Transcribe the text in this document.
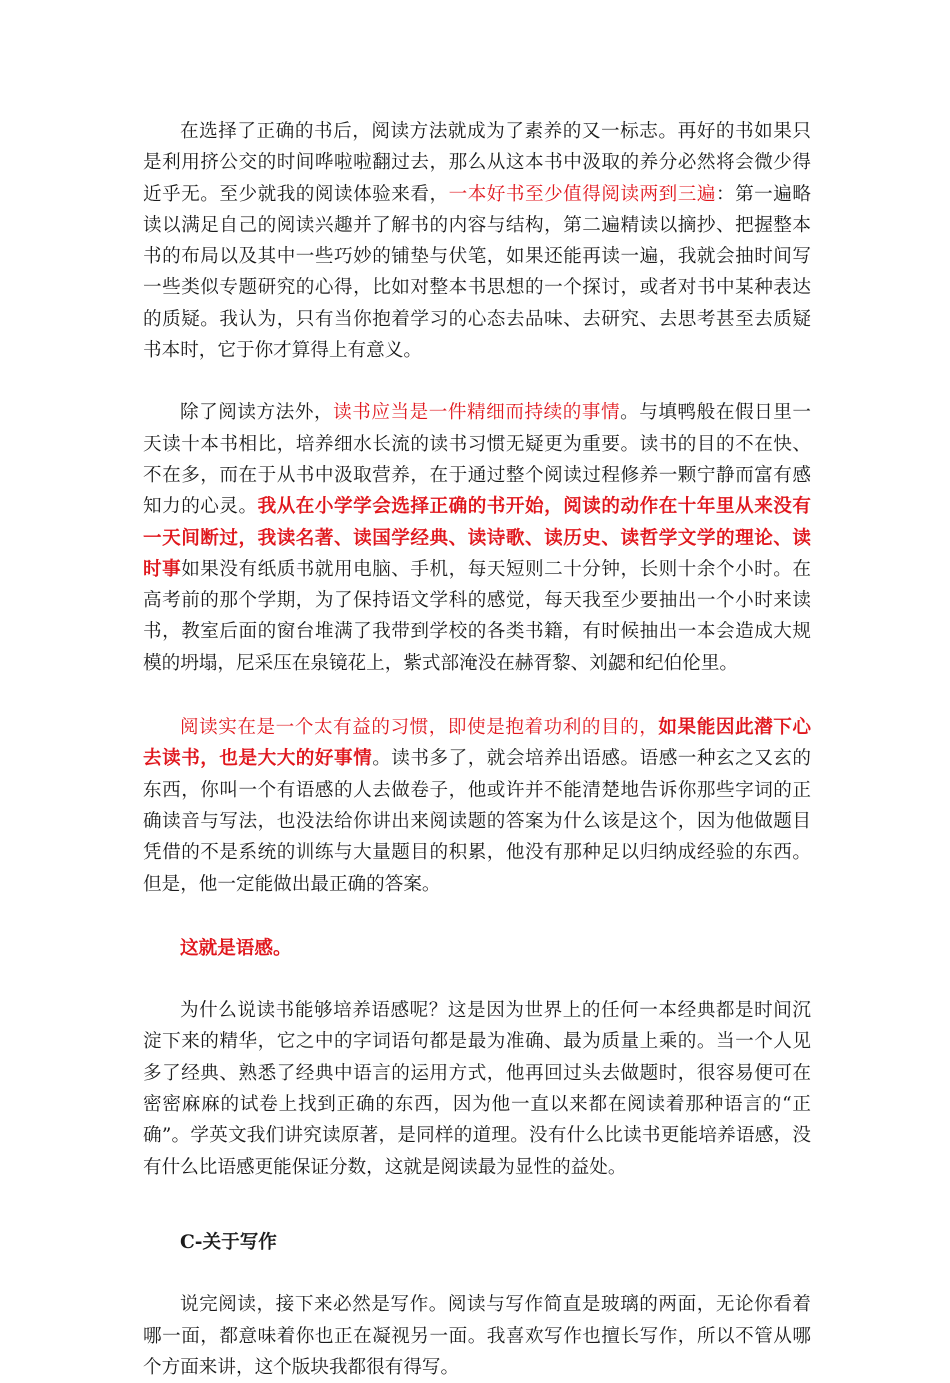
在选择了正确的书后，阅读方法就成为了素养的又一标志。再好的书如果只是利用挤公交的时间哗啦啦翻过去，那么从这本书中汲取的养分必然将会微少得近乎无。至少就我的阅读体验来看，一本好书至少值得阅读两到三遍：第一遍略读以满足自己的阅读兴趣并了解书的内容与结构，第二遍精读以摘抄、把握整本书的布局以及其中一些巧妙的铺垫与伏笔，如果还能再读一遍，我就会抽时间写一些类似专题研究的心得，比如对整本书思想的一个探讨，或者对书中某种表达的质疑。我认为，只有当你抱着学习的心态去品味、去研究、去思考甚至去质疑书本时，它于你才算得上有意义。

除了阅读方法外，读书应当是一件精细而持续的事情。与填鸭般在假日里一天读十本书相比，培养细水长流的读书习惯无疑更为重要。读书的目的不在快、不在多，而在于从书中汲取营养，在于通过整个阅读过程修养一颗宁静而富有感知力的心灵。我从在小学学会选择正确的书开始，阅读的动作在十年里从来没有一天间断过，我读名著、读国学经典、读诗歌、读历史、读哲学文学的理论、读时事如果没有纸质书就用电脑、手机，每天短则二十分钟，长则十余个小时。在高考前的那个学期，为了保持语文学科的感觉，每天我至少要抽出一个小时来读书，教室后面的窗台堆满了我带到学校的各类书籍，有时候抽出一本会造成大规模的坍塌，尼采压在泉镜花上，紫式部淹没在赫胥黎、刘勰和纪伯伦里。

阅读实在是一个太有益的习惯，即使是抱着功利的目的，如果能因此潜下心去读书，也是大大的好事情。读书多了，就会培养出语感。语感一种玄之又玄的东西，你叫一个有语感的人去做卷子，他或许并不能清楚地告诉你那些字词的正确读音与写法，也没法给你讲出来阅读题的答案为什么该是这个，因为他做题目凭借的不是系统的训练与大量题目的积累，他没有那种足以归纳成经验的东西。但是，他一定能做出最正确的答案。

这就是语感。

为什么说读书能够培养语感呢？这是因为世界上的任何一本经典都是时间沉淀下来的精华，它之中的字词语句都是最为准确、最为质量上乘的。当一个人见多了经典、熟悉了经典中语言的运用方式，他再回过头去做题时，很容易便可在密密麻麻的试卷上找到正确的东西，因为他一直以来都在阅读着那种语言的“正确”。学英文我们讲究读原著，是同样的道理。没有什么比读书更能培养语感，没有什么比语感更能保证分数，这就是阅读最为显性的益处。

C-关于写作

说完阅读，接下来必然是写作。阅读与写作简直是玻璃的两面，无论你看着哪一面，都意味着你也正在凝视另一面。我喜欢写作也擅长写作，所以不管从哪个方面来讲，这个版块我都很有得写。
